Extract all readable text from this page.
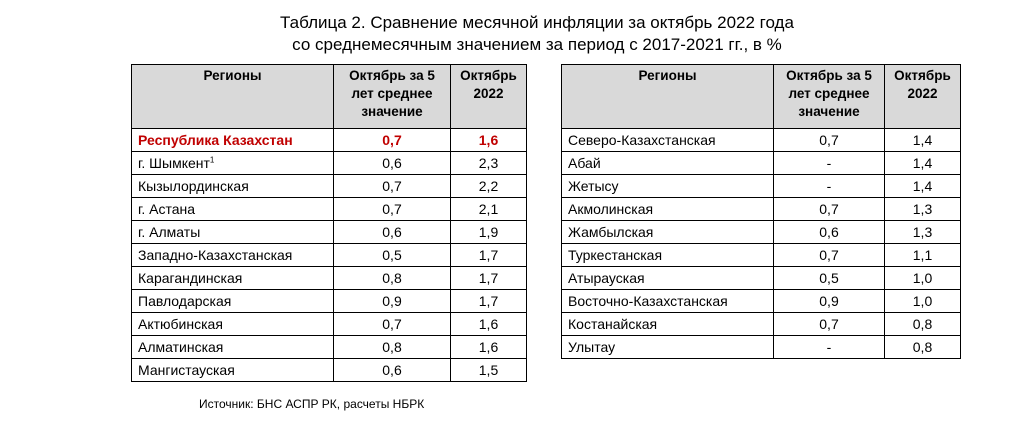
Таблица 2. Сравнение месячной инфляции за октябрь 2022 года
со среднемесячным значением за период с 2017-2021 гг., в %
Регионы	Октябрь за 5 лет среднее значение	Октябрь 2022
Республика Казахстан	0,7	1,6
г. Шымкент$^1$	0,6	2,3
Кызылординская	0,7	2,2
г. Астана	0,7	2,1
г. Алматы	0,6	1,9
Западно-Казахстанская	0,5	1,7
Карагандинская	0,8	1,7
Павлодарская	0,9	1,7
Актюбинская	0,7	1,6
Алматинская	0,8	1,6
Мангистауская	0,6	1,5
Регионы	Октябрь за 5 лет среднее значение	Октябрь 2022
Северо-Казахстанская	0,7	1,4
Абай	-	1,4
Жетысу	-	1,4
Акмолинская	0,7	1,3
Жамбылская	0,6	1,3
Туркестанская	0,7	1,1
Атырауская	0,5	1,0
Восточно-Казахстанская	0,9	1,0
Костанайская	0,7	0,8
Улытау	-	0,8
Источник: БНС АСПР РК, расчеты НБРК
